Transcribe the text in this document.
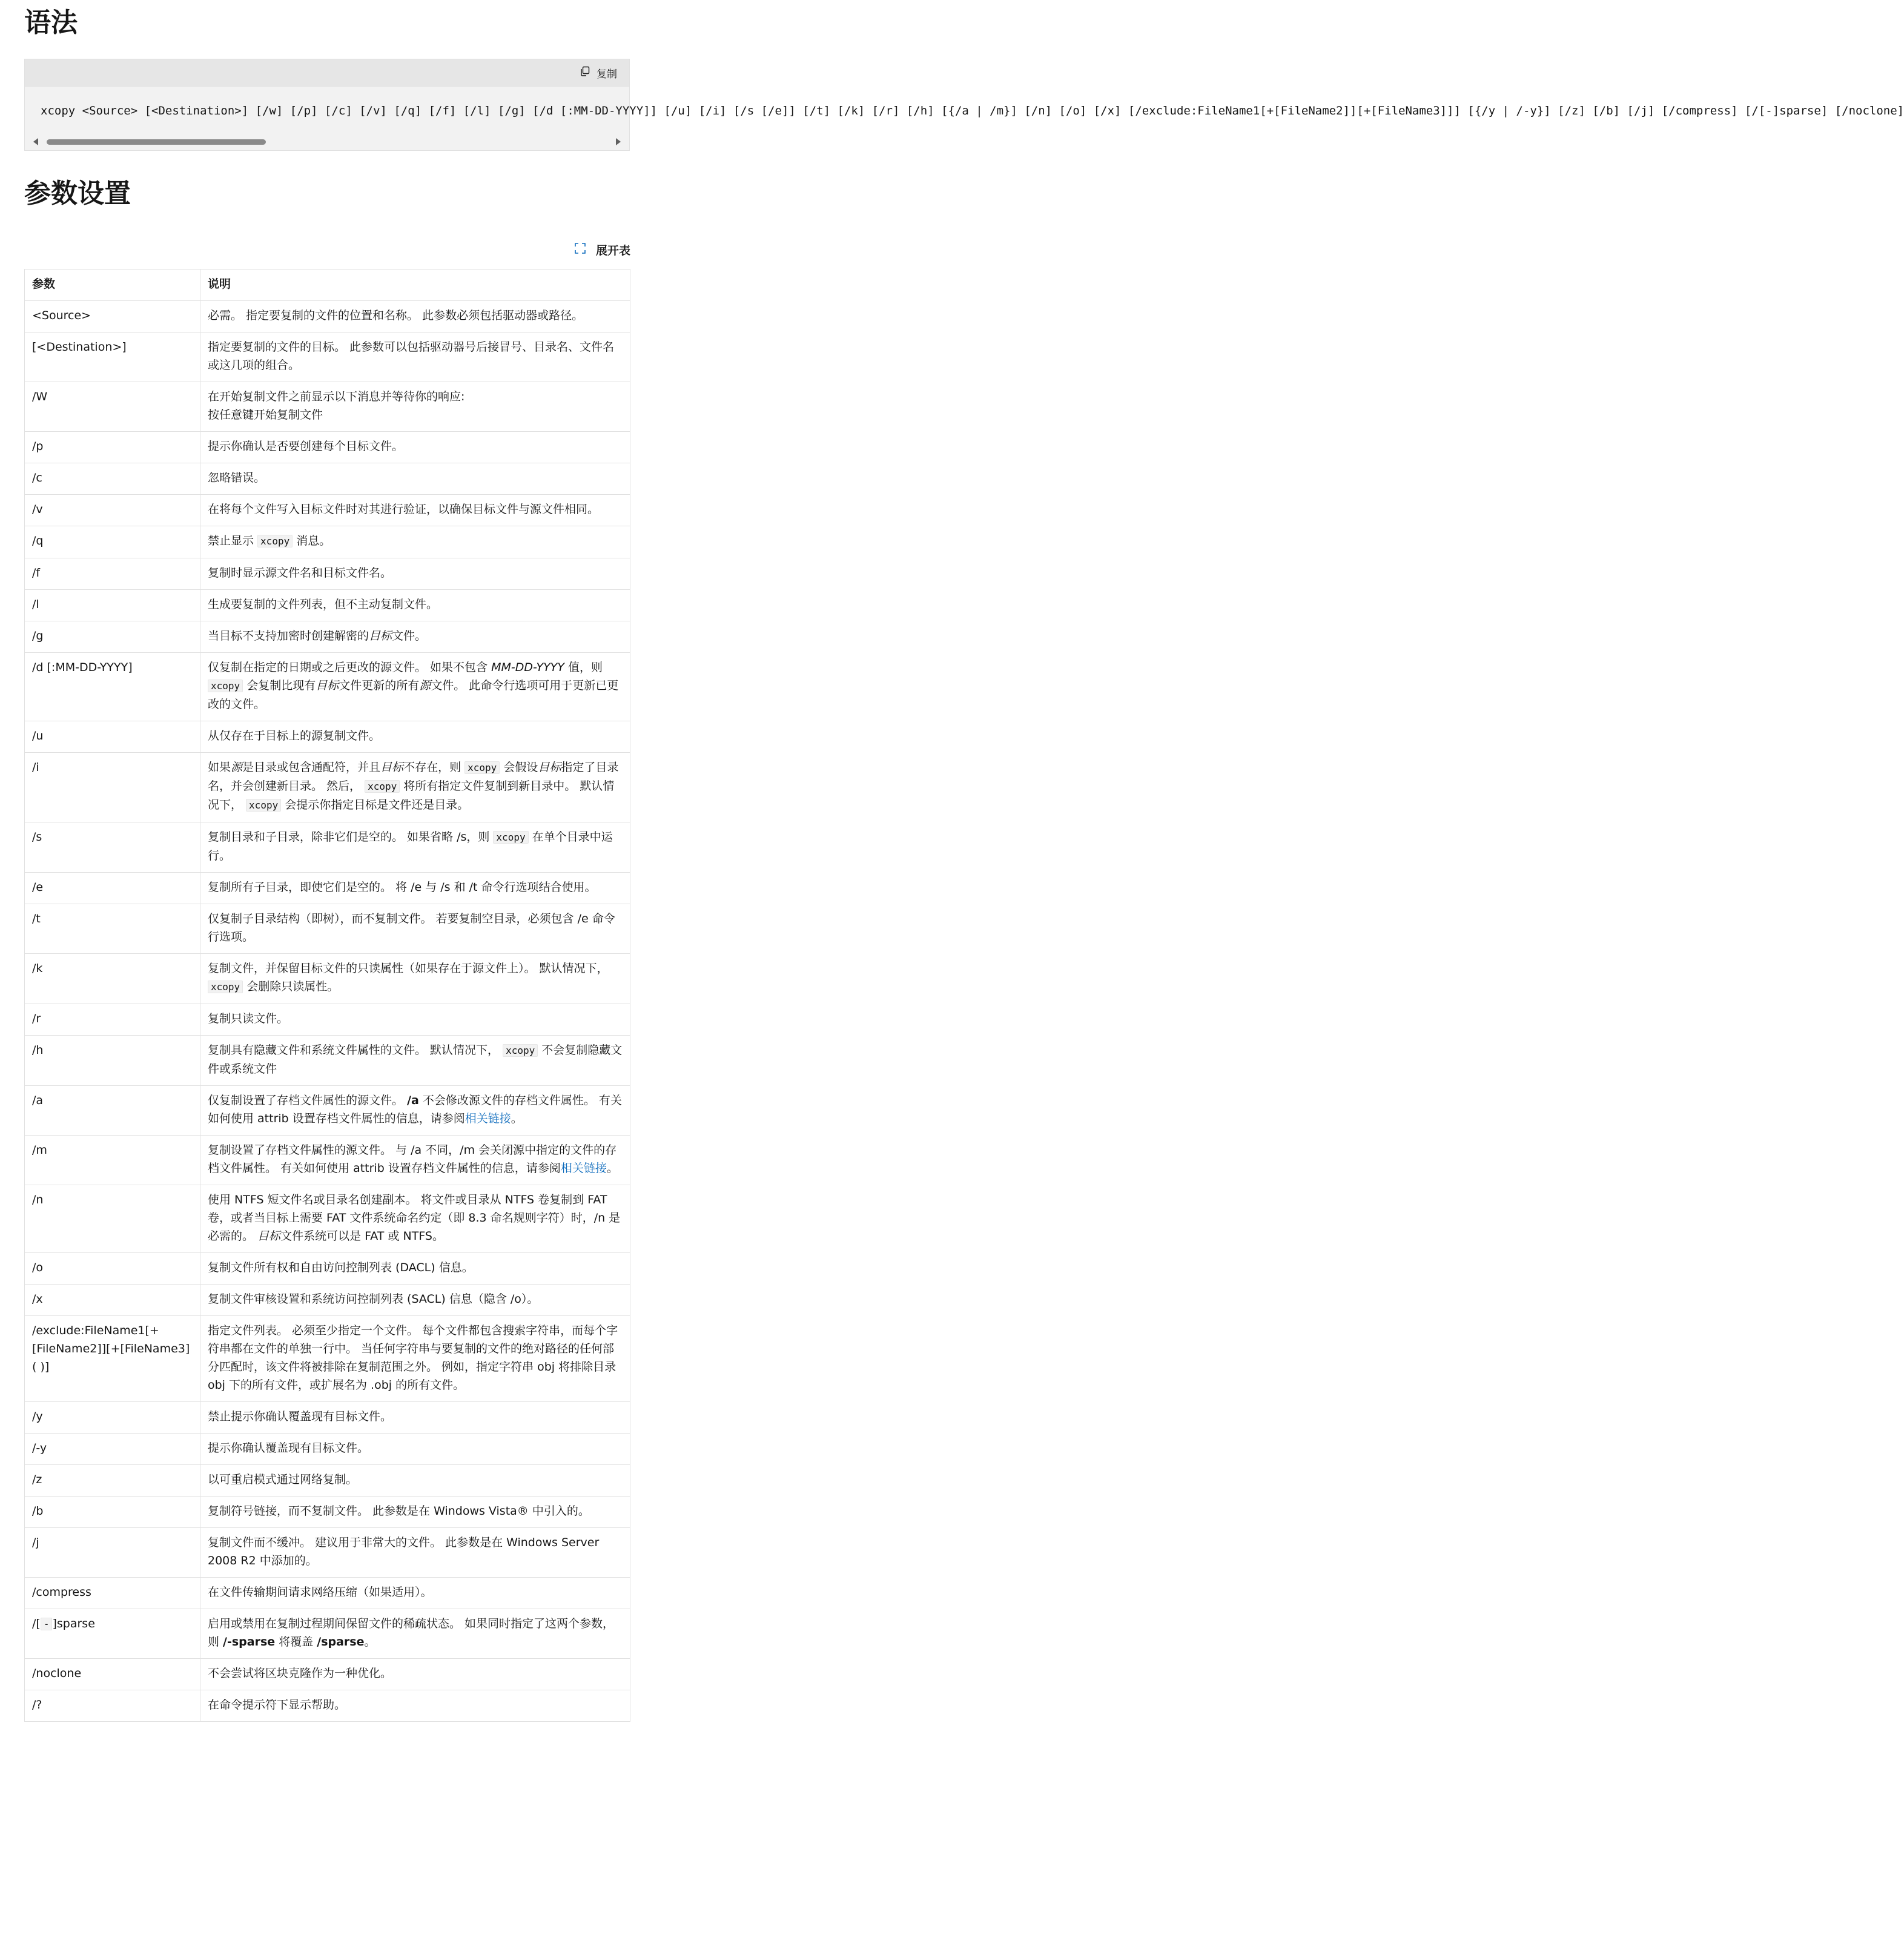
语法
复制
xcopy <Source> [<Destination>] [/w] [/p] [/c] [/v] [/q] [/f] [/l] [/g] [/d [:MM-DD-YYYY]] [/u] [/i] [/s [/e]] [/t] [/k] [/r] [/h] [{/a | /m}] [/n] [/o] [/x] [/exclude:FileName1[+[FileName2]][+[FileName3]]] [{/y | /-y}] [/z] [/b] [/j] [/compress] [/[-]sparse] [/noclone]
参数设置
展开表
参数	说明
<Source>	必需。 指定要复制的文件的位置和名称。 此参数必须包括驱动器或路径。
[<Destination>]	指定要复制的文件的目标。 此参数可以包括驱动器号后接冒号、目录名、文件名或这几项的组合。
/W	在开始复制文件之前显示以下消息并等待你的响应:
按任意键开始复制文件
/p	提示你确认是否要创建每个目标文件。
/c	忽略错误。
/v	在将每个文件写入目标文件时对其进行验证，以确保目标文件与源文件相同。
/q	禁止显示 xcopy 消息。
/f	复制时显示源文件名和目标文件名。
/l	生成要复制的文件列表，但不主动复制文件。
/g	当目标不支持加密时创建解密的目标文件。
/d [:MM-DD-YYYY]	仅复制在指定的日期或之后更改的源文件。 如果不包含 MM-DD-YYYY 值，则 xcopy 会复制比现有目标文件更新的所有源文件。 此命令行选项可用于更新已更改的文件。
/u	从仅存在于目标上的源复制文件。
/i	如果源是目录或包含通配符，并且目标不存在，则 xcopy 会假设目标指定了目录名，并会创建新目录。 然后， xcopy 将所有指定文件复制到新目录中。 默认情况下， xcopy 会提示你指定目标是文件还是目录。
/s	复制目录和子目录，除非它们是空的。 如果省略 /s，则 xcopy 在单个目录中运行。
/e	复制所有子目录，即使它们是空的。 将 /e 与 /s 和 /t 命令行选项结合使用。
/t	仅复制子目录结构（即树），而不复制文件。 若要复制空目录，必须包含 /e 命令行选项。
/k	复制文件，并保留目标文件的只读属性（如果存在于源文件上）。 默认情况下， xcopy 会删除只读属性。
/r	复制只读文件。
/h	复制具有隐藏文件和系统文件属性的文件。 默认情况下， xcopy 不会复制隐藏文件或系统文件
/a	仅复制设置了存档文件属性的源文件。 /a 不会修改源文件的存档文件属性。 有关如何使用 attrib 设置存档文件属性的信息，请参阅相关链接。
/m	复制设置了存档文件属性的源文件。 与 /a 不同，/m 会关闭源中指定的文件的存档文件属性。 有关如何使用 attrib 设置存档文件属性的信息，请参阅相关链接。
/n	使用 NTFS 短文件名或目录名创建副本。 将文件或目录从 NTFS 卷复制到 FAT 卷，或者当目标上需要 FAT 文件系统命名约定（即 8.3 命名规则字符）时，/n 是必需的。 目标文件系统可以是 FAT 或 NTFS。
/o	复制文件所有权和自由访问控制列表 (DACL) 信息。
/x	复制文件审核设置和系统访问控制列表 (SACL) 信息（隐含 /o）。
/exclude:FileName1[+[FileName2]][+[FileName3]( )]	指定文件列表。 必须至少指定一个文件。 每个文件都包含搜索字符串，而每个字符串都在文件的单独一行中。 当任何字符串与要复制的文件的绝对路径的任何部分匹配时，该文件将被排除在复制范围之外。 例如，指定字符串 obj 将排除目录 obj 下的所有文件，或扩展名为 .obj 的所有文件。
/y	禁止提示你确认覆盖现有目标文件。
/-y	提示你确认覆盖现有目标文件。
/z	以可重启模式通过网络复制。
/b	复制符号链接，而不复制文件。 此参数是在 Windows Vista® 中引入的。
/j	复制文件而不缓冲。 建议用于非常大的文件。 此参数是在 Windows Server 2008 R2 中添加的。
/compress	在文件传输期间请求网络压缩（如果适用）。
/[ - ]sparse	启用或禁用在复制过程期间保留文件的稀疏状态。 如果同时指定了这两个参数，则 /-sparse 将覆盖 /sparse。
/noclone	不会尝试将区块克隆作为一种优化。
/?	在命令提示符下显示帮助。
